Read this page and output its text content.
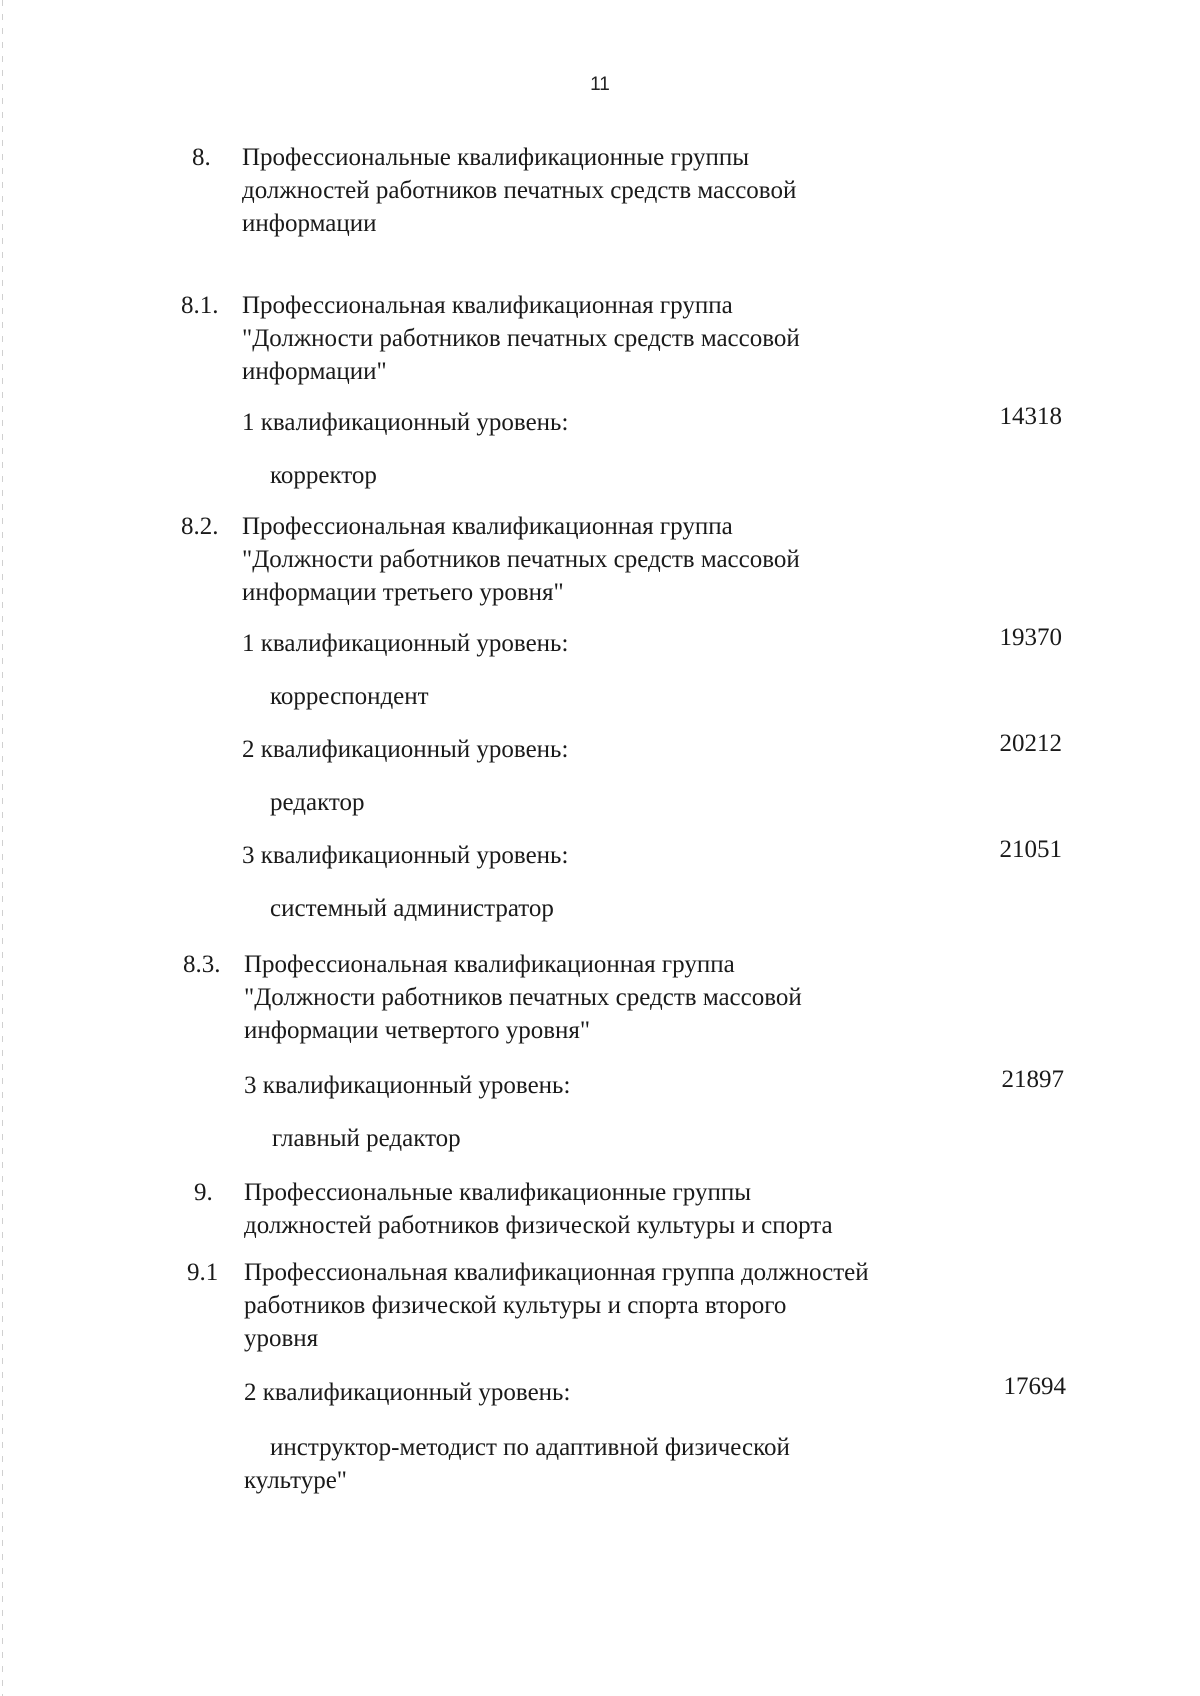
11
8. Профессиональные квалификационные группы
должностей работников печатных средств массовой
информации
8.1. Профессиональная квалификационная группа
"Должности работников печатных средств массовой
информации"
1 квалификационный уровень:	14318
корректор
8.2. Профессиональная квалификационная группа
"Должности работников печатных средств массовой
информации третьего уровня"
1 квалификационный уровень:	19370
корреспондент
2 квалификационный уровень:	20212
редактор
3 квалификационный уровень:	21051
системный администратор
8.3. Профессиональная квалификационная группа
"Должности работников печатных средств массовой
информации четвертого уровня"
3 квалификационный уровень:	21897
главный редактор
9. Профессиональные квалификационные группы
должностей работников физической культуры и спорта
9.1 Профессиональная квалификационная группа должностей
работников физической культуры и спорта второго
уровня
2 квалификационный уровень:	17694
инструктор-методист по адаптивной физической
культуре"
